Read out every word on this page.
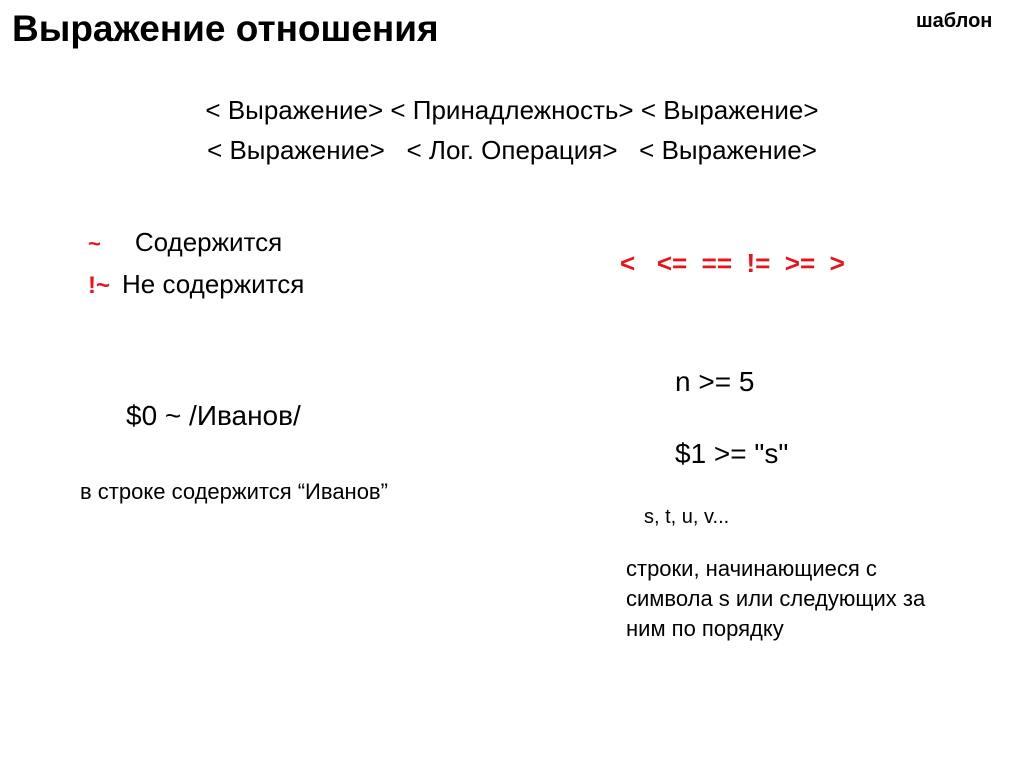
Выражение отношения	шаблон
< Выражение> < Принадлежность> < Выражение>
< Выражение>   < Лог. Операция>   < Выражение>
~ Содержится
!~ Не содержится
<   <=  ==  !=  >=  >
$0 ~ /Иванов/
в строке содержится “Иванов”
n >= 5
$1 >= "s"
s, t, u, v...
строки, начинающиеся с символа s или следующих за ним по порядку
